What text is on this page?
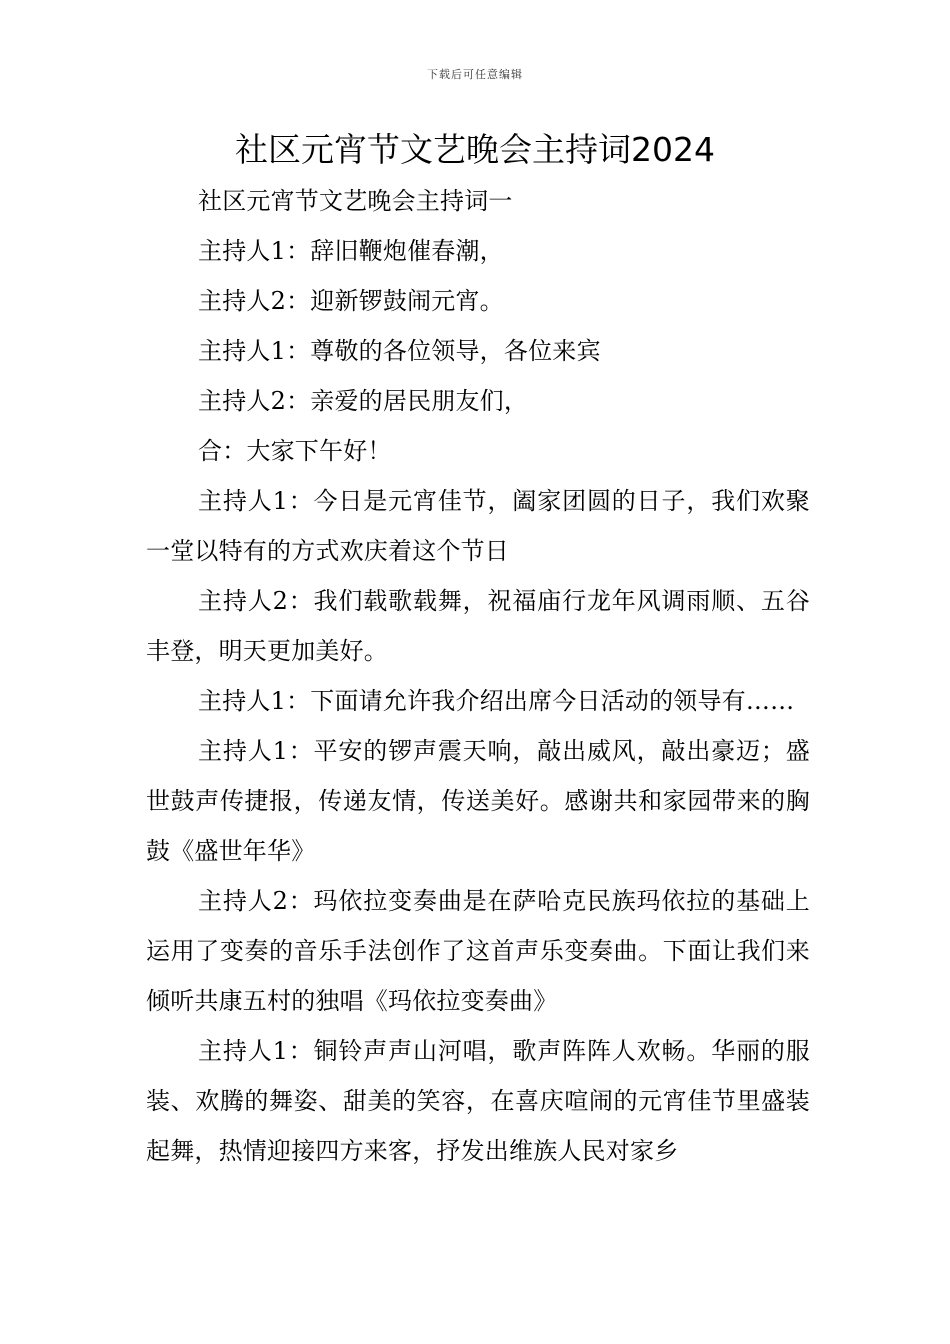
下载后可任意编辑
社区元宵节文艺晚会主持词2024

社区元宵节文艺晚会主持词一

主持人1：辞旧鞭炮催春潮，

主持人2：迎新锣鼓闹元宵。

主持人1：尊敬的各位领导，各位来宾

主持人2：亲爱的居民朋友们，

合：大家下午好！

主持人1：今日是元宵佳节，阖家团圆的日子，我们欢聚一堂以特有的方式欢庆着这个节日

主持人2：我们载歌载舞，祝福庙行龙年风调雨顺、五谷丰登，明天更加美好。

主持人1：下面请允许我介绍出席今日活动的领导有……

主持人1：平安的锣声震天响，敲出威风，敲出豪迈；盛世鼓声传捷报，传递友情，传送美好。感谢共和家园带来的胸鼓《盛世年华》

主持人2：玛依拉变奏曲是在萨哈克民族玛依拉的基础上运用了变奏的音乐手法创作了这首声乐变奏曲。下面让我们来倾听共康五村的独唱《玛依拉变奏曲》

主持人1：铜铃声声山河唱，歌声阵阵人欢畅。华丽的服装、欢腾的舞姿、甜美的笑容，在喜庆喧闹的元宵佳节里盛装起舞，热情迎接四方来客，抒发出维族人民对家乡
